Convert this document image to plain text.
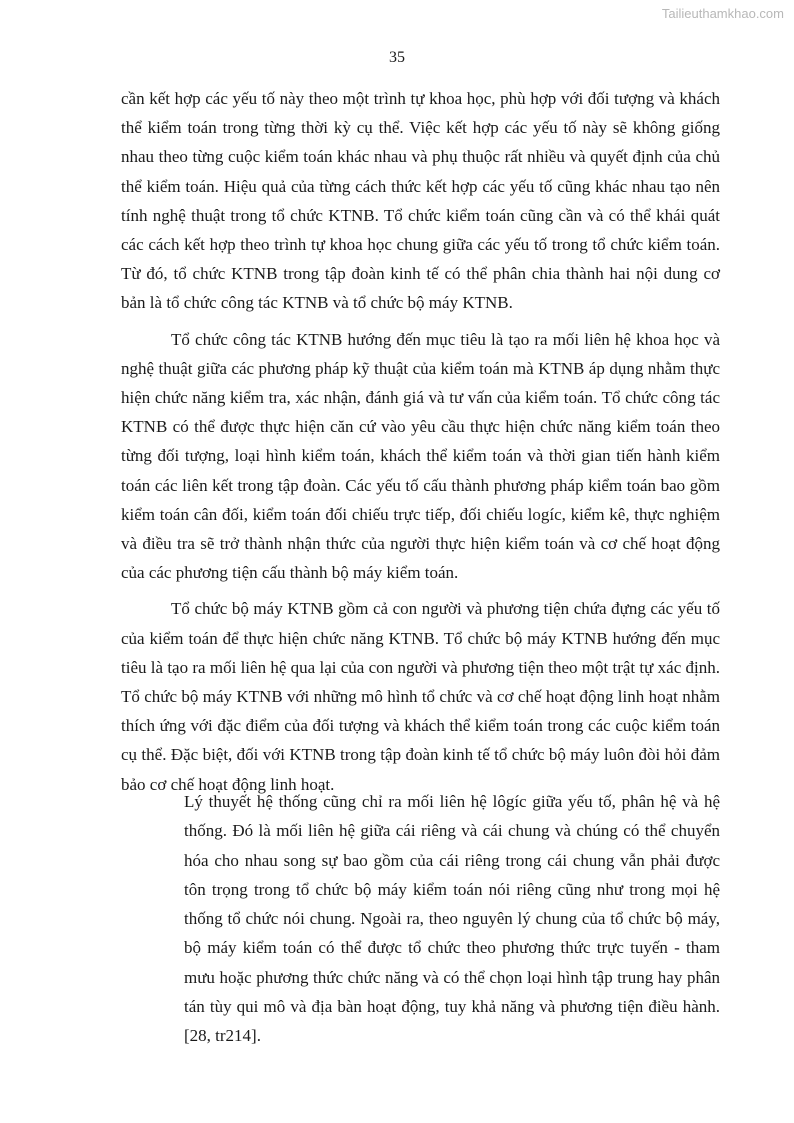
Tailieuthamkhao.com
35

cần kết hợp các yếu tố này theo một trình tự khoa học, phù hợp với đối tượng và khách thể kiểm toán trong từng thời kỳ cụ thể. Việc kết hợp các yếu tố này sẽ không giống nhau theo từng cuộc kiểm toán khác nhau và phụ thuộc rất nhiều và quyết định của chủ thể kiểm toán. Hiệu quả của từng cách thức kết hợp các yếu tố cũng khác nhau tạo nên tính nghệ thuật trong tổ chức KTNB. Tổ chức kiểm toán cũng cần và có thể khái quát các cách kết hợp theo trình tự khoa học chung giữa các yếu tố trong tổ chức kiểm toán. Từ đó, tổ chức KTNB trong tập đoàn kinh tế có thể phân chia thành hai nội dung cơ bản là tổ chức công tác KTNB và tổ chức bộ máy KTNB.

Tổ chức công tác KTNB hướng đến mục tiêu là tạo ra mối liên hệ khoa học và nghệ thuật giữa các phương pháp kỹ thuật của kiểm toán mà KTNB áp dụng nhằm thực hiện chức năng kiểm tra, xác nhận, đánh giá và tư vấn của kiểm toán. Tổ chức công tác KTNB có thể được thực hiện căn cứ vào yêu cầu thực hiện chức năng kiểm toán theo từng đối tượng, loại hình kiểm toán, khách thể kiểm toán và thời gian tiến hành kiểm toán các liên kết trong tập đoàn. Các yếu tố cấu thành phương pháp kiểm toán bao gồm kiểm toán cân đối, kiểm toán đối chiếu trực tiếp, đối chiếu logíc, kiểm kê, thực nghiệm và điều tra sẽ trở thành nhận thức của người thực hiện kiểm toán và cơ chế hoạt động của các phương tiện cấu thành bộ máy kiểm toán.

Tổ chức bộ máy KTNB gồm cả con người và phương tiện chứa đựng các yếu tố của kiểm toán để thực hiện chức năng KTNB. Tổ chức bộ máy KTNB hướng đến mục tiêu là tạo ra mối liên hệ qua lại của con người và phương tiện theo một trật tự xác định. Tổ chức bộ máy KTNB với những mô hình tổ chức và cơ chế hoạt động linh hoạt nhằm thích ứng với đặc điểm của đối tượng và khách thể kiểm toán trong các cuộc kiểm toán cụ thể. Đặc biệt, đối với KTNB trong tập đoàn kinh tế tổ chức bộ máy luôn đòi hỏi đảm bảo cơ chế hoạt động linh hoạt.

Lý thuyết hệ thống cũng chỉ ra mối liên hệ lôgíc giữa yếu tố, phân hệ và hệ thống. Đó là mối liên hệ giữa cái riêng và cái chung và chúng có thể chuyển hóa cho nhau song sự bao gồm của cái riêng trong cái chung vẫn phải được tôn trọng trong tổ chức bộ máy kiểm toán nói riêng cũng như trong mọi hệ thống tổ chức nói chung. Ngoài ra, theo nguyên lý chung của tổ chức bộ máy, bộ máy kiểm toán có thể được tổ chức theo phương thức trực tuyến - tham mưu hoặc phương thức chức năng và có thể chọn loại hình tập trung hay phân tán tùy qui mô và địa bàn hoạt động, tuy khả năng và phương tiện điều hành. [28, tr214].
